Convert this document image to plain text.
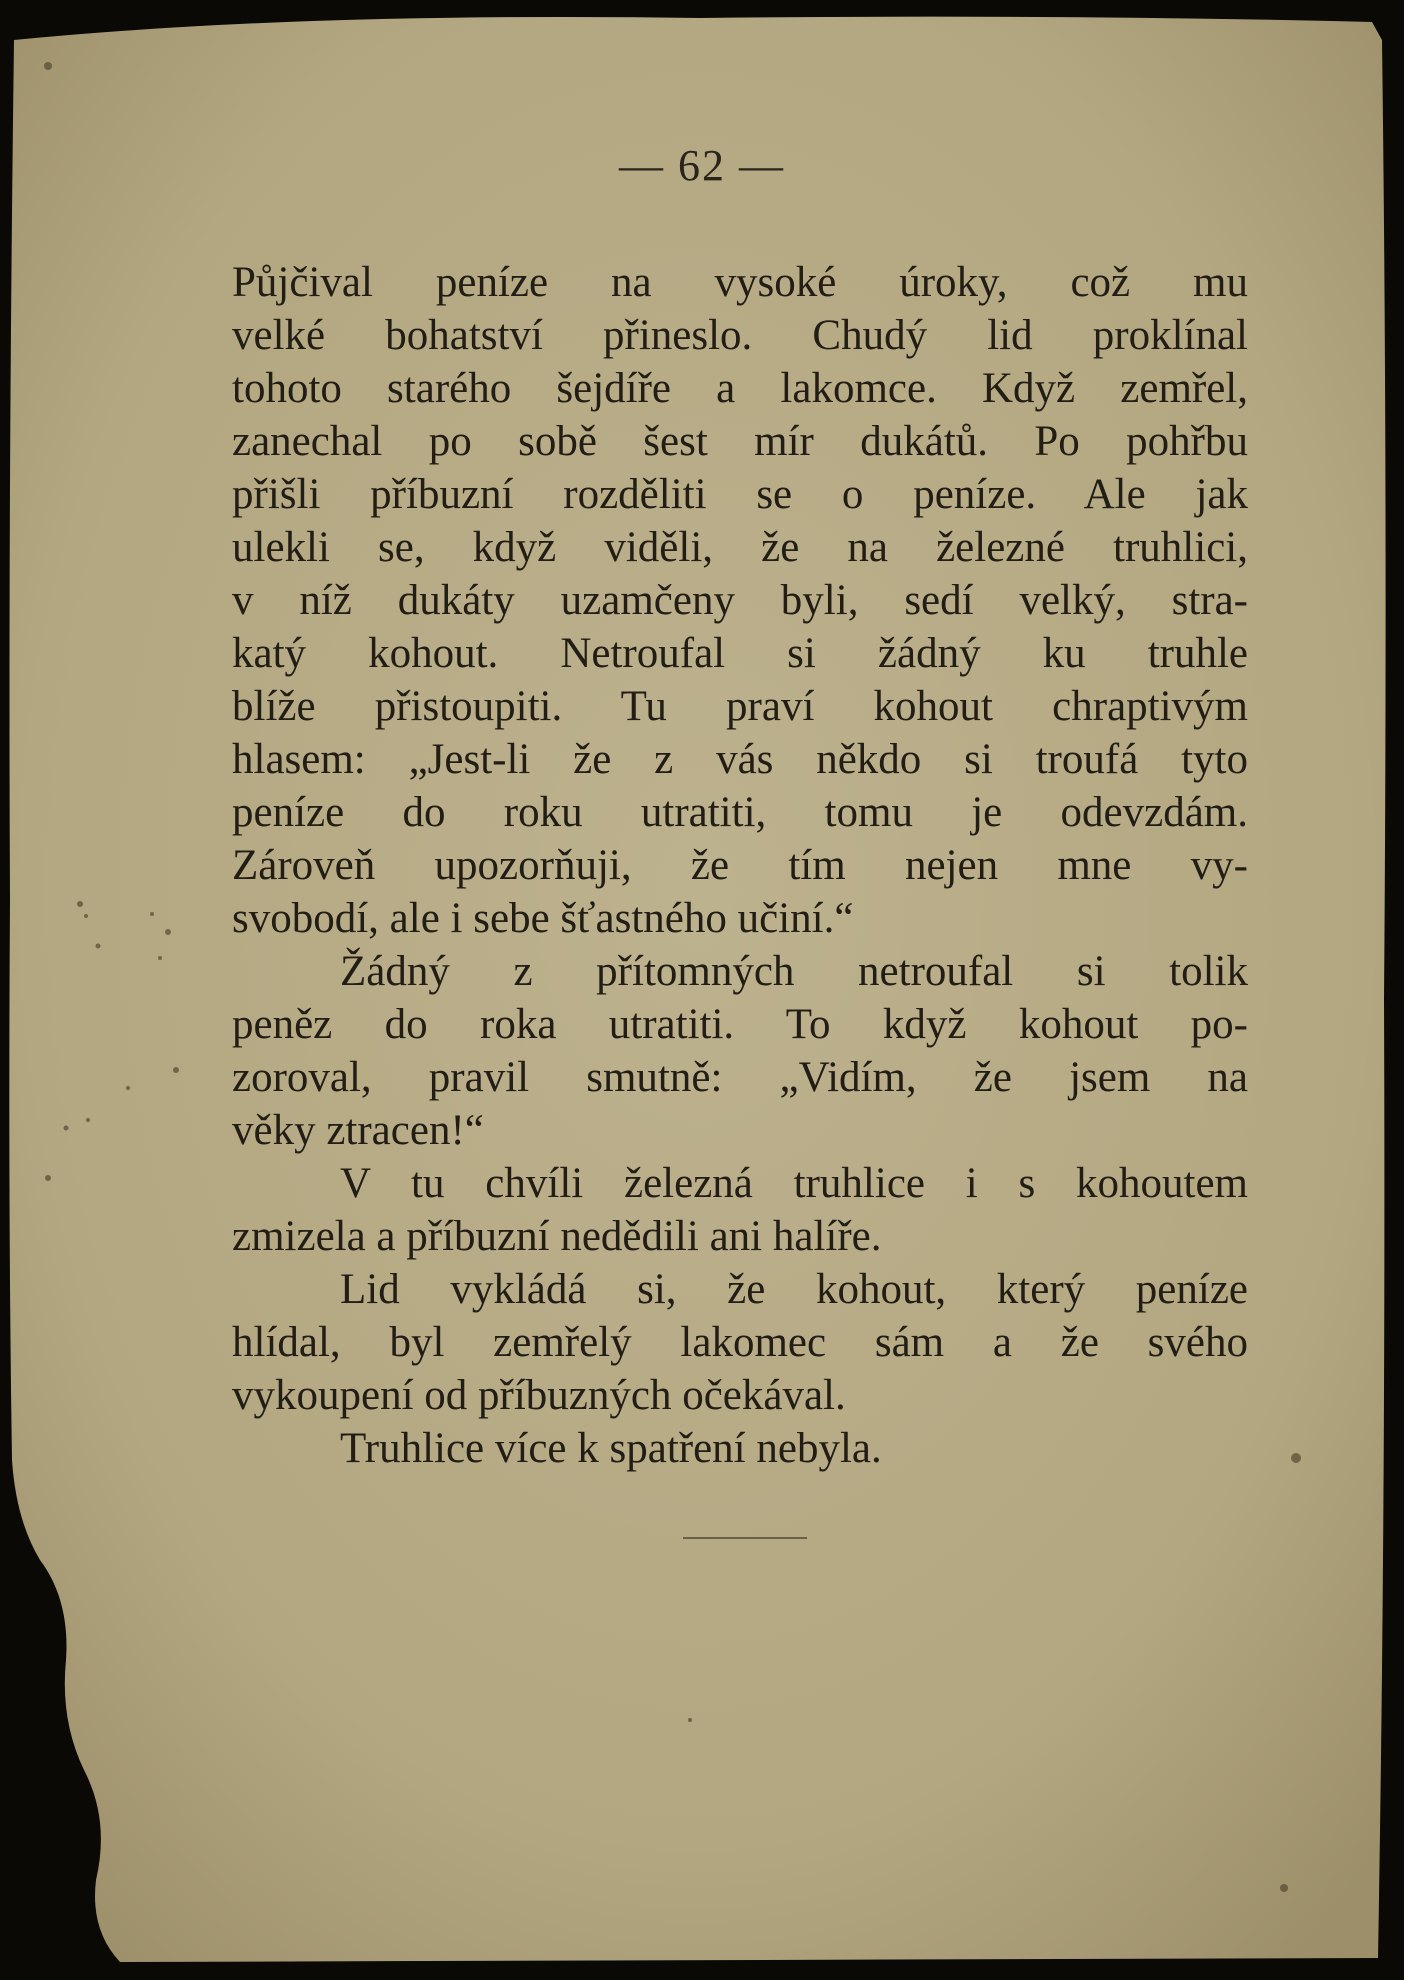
— 62 —
Půjčival peníze na vysoké úroky, což mu
velké bohatství přineslo. Chudý lid proklínal
tohoto starého šejdíře a lakomce. Když zemřel,
zanechal po sobě šest mír dukátů. Po pohřbu
přišli příbuzní rozděliti se o peníze. Ale jak
ulekli se, když viděli, že na železné truhlici,
v níž dukáty uzamčeny byli, sedí velký, stra-
katý kohout. Netroufal si žádný ku truhle
blíže přistoupiti. Tu praví kohout chraptivým
hlasem: „Jest-li že z vás někdo si troufá tyto
peníze do roku utratiti, tomu je odevzdám.
Zároveň upozorňuji, že tím nejen mne vy-
svobodí, ale i sebe šťastného učiní.“
Žádný z přítomných netroufal si tolik
peněz do roka utratiti. To když kohout po-
zoroval, pravil smutně: „Vidím, že jsem na
věky ztracen!“
V tu chvíli železná truhlice i s kohoutem
zmizela a příbuzní nedědili ani halíře.
Lid vykládá si, že kohout, který peníze
hlídal, byl zemřelý lakomec sám a že svého
vykoupení od příbuzných očekával.
Truhlice více k spatření nebyla.
